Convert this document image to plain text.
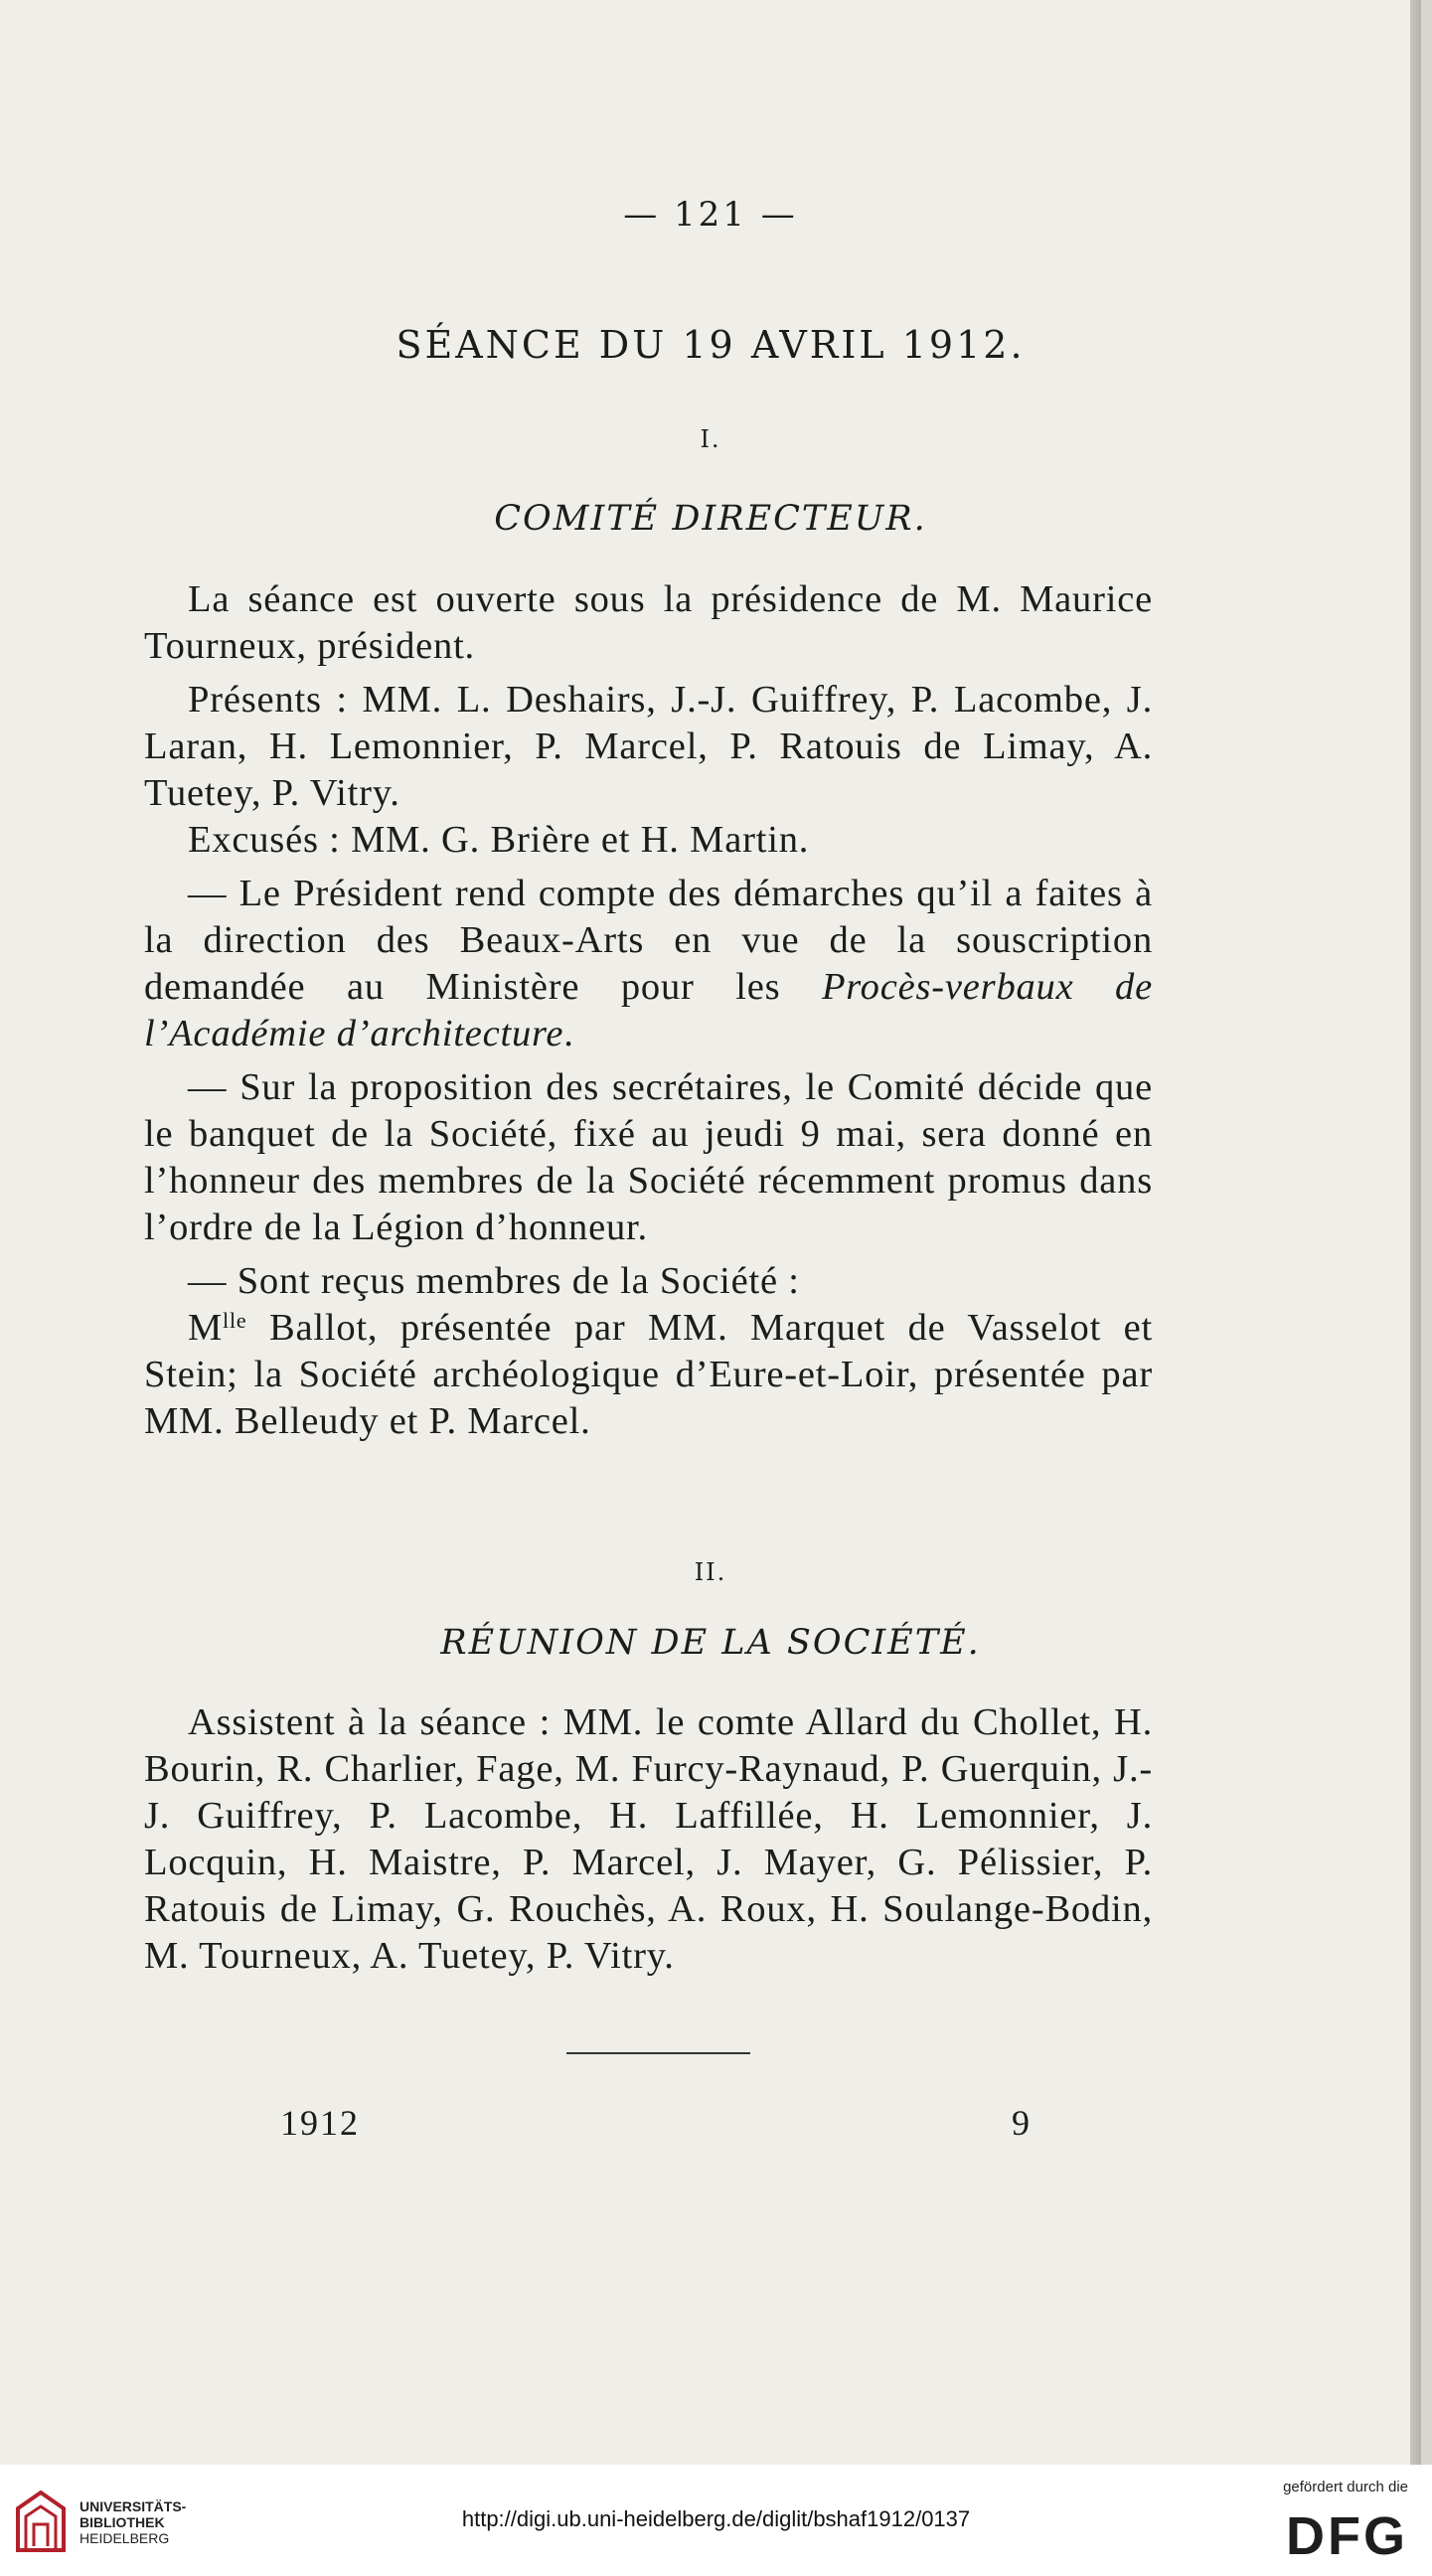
— 121 —
SÉANCE DU 19 AVRIL 1912.
I.
COMITÉ DIRECTEUR.

La séance est ouverte sous la présidence de M. Maurice Tourneux, président.

Présents : MM. L. Deshairs, J.-J. Guiffrey, P. Lacombe, J. Laran, H. Lemonnier, P. Marcel, P. Ratouis de Limay, A. Tuetey, P. Vitry.

Excusés : MM. G. Brière et H. Martin.

— Le Président rend compte des démarches qu’il a faites à la direction des Beaux-Arts en vue de la souscription demandée au Ministère pour les Procès-verbaux de l’Académie d’architecture.

— Sur la proposition des secrétaires, le Comité décide que le banquet de la Société, fixé au jeudi 9 mai, sera donné en l’honneur des membres de la Société récemment promus dans l’ordre de la Légion d’honneur.

— Sont reçus membres de la Société :

$M^{lle}$ Ballot, présentée par MM. Marquet de Vasselot et Stein; la Société archéologique d’Eure-et-Loir, présentée par MM. Belleudy et P. Marcel.

II.
RÉUNION DE LA SOCIÉTÉ.

Assistent à la séance : MM. le comte Allard du Chollet, H. Bourin, R. Charlier, Fage, M. Furcy-Raynaud, P. Guerquin, J.-J. Guiffrey, P. Lacombe, H. Laffillée, H. Lemonnier, J. Locquin, H. Maistre, P. Marcel, J. Mayer, G. Pélissier, P. Ratouis de Limay, G. Rouchès, A. Roux, H. Soulange-Bodin, M. Tourneux, A. Tuetey, P. Vitry.

1912	9
UNIVERSITÄTS-
BIBLIOTHEK
HEIDELBERG
http://digi.ub.uni-heidelberg.de/diglit/bshaf1912/0137
gefördert durch die
DFG
